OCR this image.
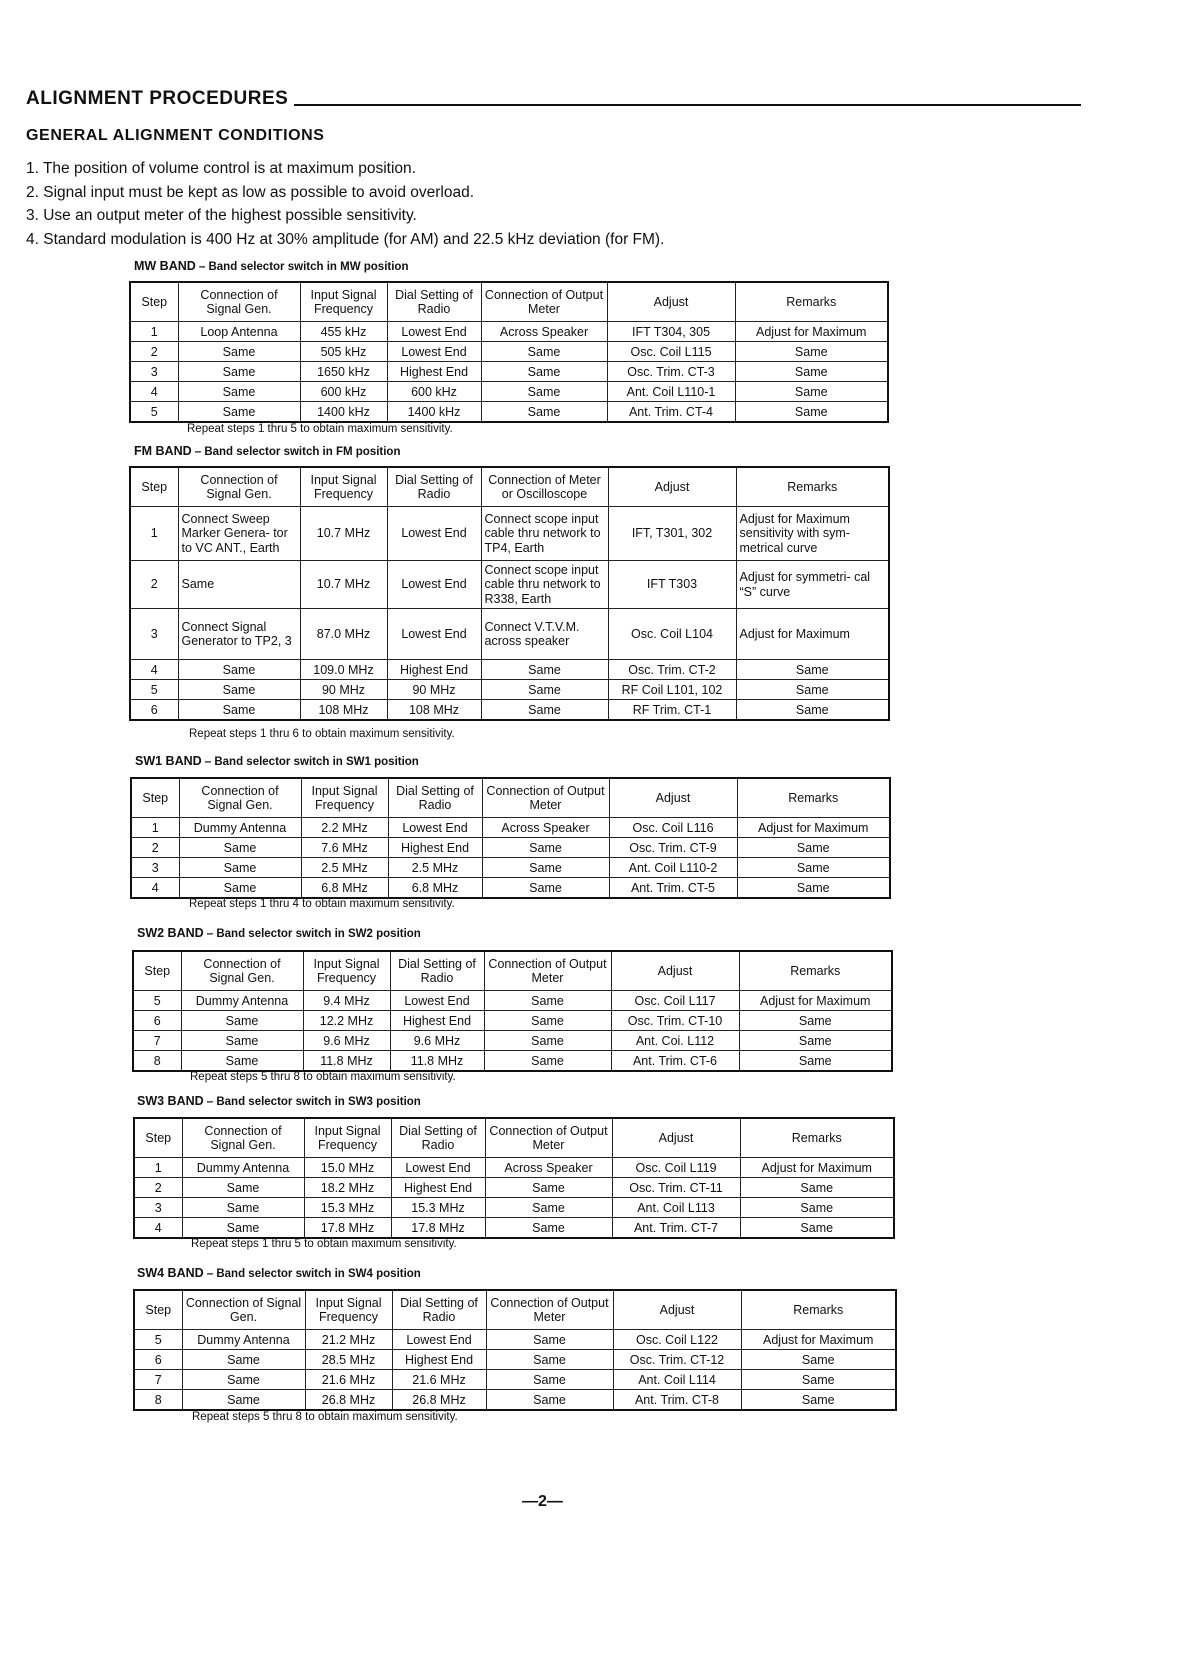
ALIGNMENT PROCEDURES
GENERAL ALIGNMENT CONDITIONS
1. The position of volume control is at maximum position.
2. Signal input must be kept as low as possible to avoid overload.
3. Use an output meter of the highest possible sensitivity.
4. Standard modulation is 400 Hz at 30% amplitude (for AM) and 22.5 kHz deviation (for FM).
MW BAND – Band selector switch in MW position
Step	Connection of Signal Gen.	Input Signal Frequency	Dial Setting of Radio	Connection of Output Meter	Adjust	Remarks
1	Loop Antenna	455 kHz	Lowest End	Across Speaker	IFT T304, 305	Adjust for Maximum
2	Same	505 kHz	Lowest End	Same	Osc. Coil L115	Same
3	Same	1650 kHz	Highest End	Same	Osc. Trim. CT-3	Same
4	Same	600 kHz	600 kHz	Same	Ant. Coil L110-1	Same
5	Same	1400 kHz	1400 kHz	Same	Ant. Trim. CT-4	Same
Repeat steps 1 thru 5 to obtain maximum sensitivity.
FM BAND – Band selector switch in FM position
Step	Connection of Signal Gen.	Input Signal Frequency	Dial Setting of Radio	Connection of Meter or Oscilloscope	Adjust	Remarks
1	Connect Sweep Marker Genera- tor to VC ANT., Earth	10.7 MHz	Lowest End	Connect scope input cable thru network to TP4, Earth	IFT, T301, 302	Adjust for Maximum sensitivity with sym- metrical curve
2	Same	10.7 MHz	Lowest End	Connect scope input cable thru network to R338, Earth	IFT T303	Adjust for symmetri- cal “S” curve
3	Connect Signal Generator to TP2, 3	87.0 MHz	Lowest End	Connect V.T.V.M. across speaker	Osc. Coil L104	Adjust for Maximum
4	Same	109.0 MHz	Highest End	Same	Osc. Trim. CT-2	Same
5	Same	90 MHz	90 MHz	Same	RF Coil L101, 102	Same
6	Same	108 MHz	108 MHz	Same	RF Trim. CT-1	Same
Repeat steps 1 thru 6 to obtain maximum sensitivity.
SW1 BAND – Band selector switch in SW1 position
Step	Connection of Signal Gen.	Input Signal Frequency	Dial Setting of Radio	Connection of Output Meter	Adjust	Remarks
1	Dummy Antenna	2.2 MHz	Lowest End	Across Speaker	Osc. Coil L116	Adjust for Maximum
2	Same	7.6 MHz	Highest End	Same	Osc. Trim. CT-9	Same
3	Same	2.5 MHz	2.5 MHz	Same	Ant. Coil L110-2	Same
4	Same	6.8 MHz	6.8 MHz	Same	Ant. Trim. CT-5	Same
Repeat steps 1 thru 4 to obtain maximum sensitivity.
SW2 BAND – Band selector switch in SW2 position
Step	Connection of Signal Gen.	Input Signal Frequency	Dial Setting of Radio	Connection of Output Meter	Adjust	Remarks
5	Dummy Antenna	9.4 MHz	Lowest End	Same	Osc. Coil L117	Adjust for Maximum
6	Same	12.2 MHz	Highest End	Same	Osc. Trim. CT-10	Same
7	Same	9.6 MHz	9.6 MHz	Same	Ant. Coi. L112	Same
8	Same	11.8 MHz	11.8 MHz	Same	Ant. Trim. CT-6	Same
Repeat steps 5 thru 8 to obtain maximum sensitivity.
SW3 BAND – Band selector switch in SW3 position
Step	Connection of Signal Gen.	Input Signal Frequency	Dial Setting of Radio	Connection of Output Meter	Adjust	Remarks
1	Dummy Antenna	15.0 MHz	Lowest End	Across Speaker	Osc. Coil L119	Adjust for Maximum
2	Same	18.2 MHz	Highest End	Same	Osc. Trim. CT-11	Same
3	Same	15.3 MHz	15.3 MHz	Same	Ant. Coil L113	Same
4	Same	17.8 MHz	17.8 MHz	Same	Ant. Trim. CT-7	Same
Repeat steps 1 thru 5 to obtain maximum sensitivity.
SW4 BAND – Band selector switch in SW4 position
Step	Connection of Signal Gen.	Input Signal Frequency	Dial Setting of Radio	Connection of Output Meter	Adjust	Remarks
5	Dummy Antenna	21.2 MHz	Lowest End	Same	Osc. Coil L122	Adjust for Maximum
6	Same	28.5 MHz	Highest End	Same	Osc. Trim. CT-12	Same
7	Same	21.6 MHz	21.6 MHz	Same	Ant. Coil L114	Same
8	Same	26.8 MHz	26.8 MHz	Same	Ant. Trim. CT-8	Same
Repeat steps 5 thru 8 to obtain maximum sensitivity.
—2—
